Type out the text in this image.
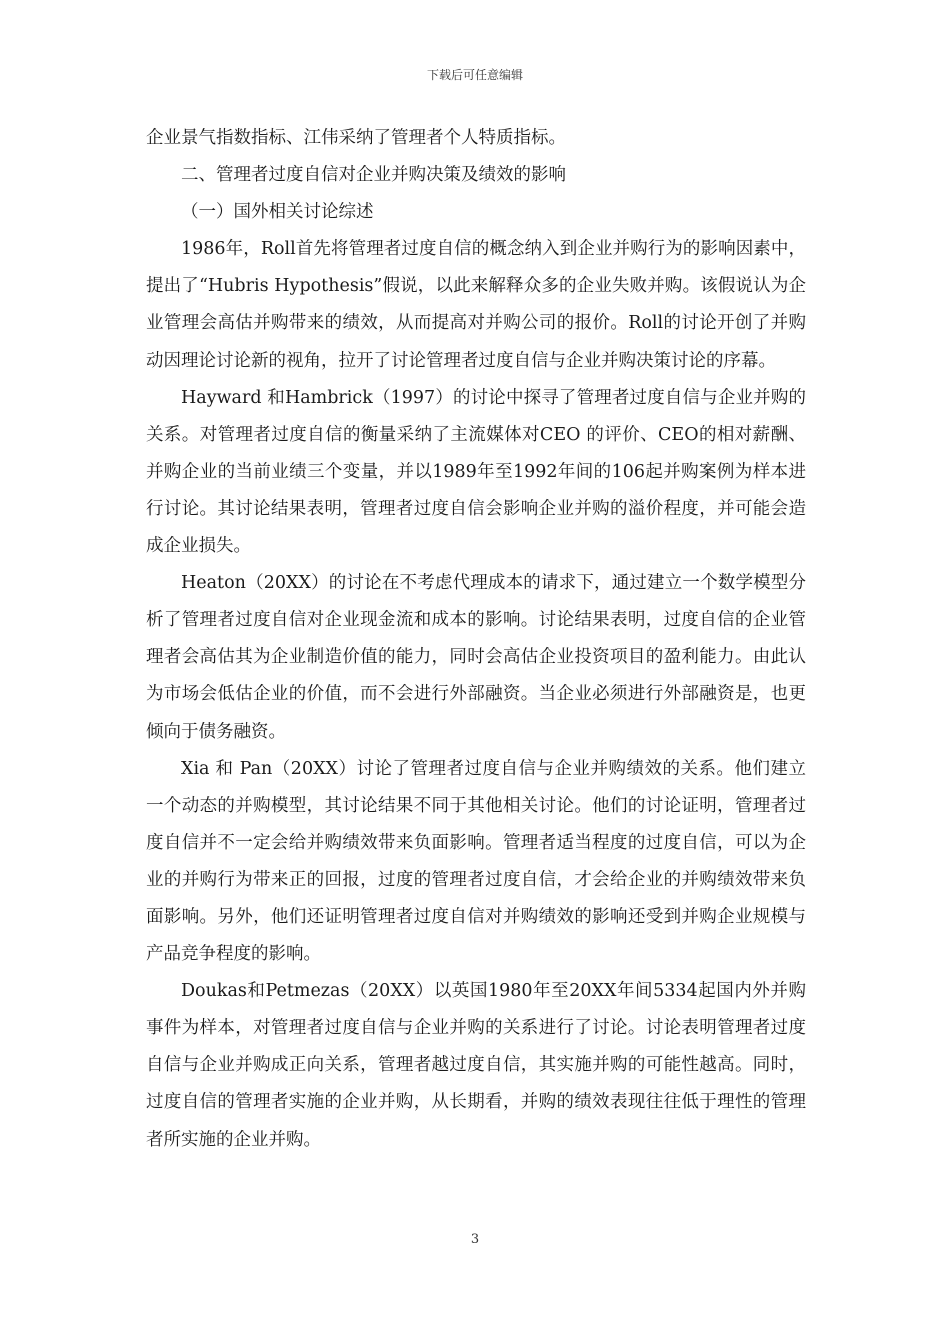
下载后可任意编辑

企业景气指数指标、江伟采纳了管理者个人特质指标。

二、管理者过度自信对企业并购决策及绩效的影响

（一）国外相关讨论综述

1986年，Roll首先将管理者过度自信的概念纳入到企业并购行为的影响因素中，提出了“Hubris Hypothesis”假说，以此来解释众多的企业失败并购。该假说认为企业管理会高估并购带来的绩效，从而提高对并购公司的报价。Roll的讨论开创了并购动因理论讨论新的视角，拉开了讨论管理者过度自信与企业并购决策讨论的序幕。

Hayward 和Hambrick（1997）的讨论中探寻了管理者过度自信与企业并购的关系。对管理者过度自信的衡量采纳了主流媒体对CEO 的评价、CEO的相对薪酬、并购企业的当前业绩三个变量，并以1989年至1992年间的106起并购案例为样本进行讨论。其讨论结果表明，管理者过度自信会影响企业并购的溢价程度，并可能会造成企业损失。

Heaton（20XX）的讨论在不考虑代理成本的请求下，通过建立一个数学模型分析了管理者过度自信对企业现金流和成本的影响。讨论结果表明，过度自信的企业管理者会高估其为企业制造价值的能力，同时会高估企业投资项目的盈利能力。由此认为市场会低估企业的价值，而不会进行外部融资。当企业必须进行外部融资是，也更倾向于债务融资。

Xia 和 Pan（20XX）讨论了管理者过度自信与企业并购绩效的关系。他们建立一个动态的并购模型，其讨论结果不同于其他相关讨论。他们的讨论证明，管理者过度自信并不一定会给并购绩效带来负面影响。管理者适当程度的过度自信，可以为企业的并购行为带来正的回报，过度的管理者过度自信，才会给企业的并购绩效带来负面影响。另外，他们还证明管理者过度自信对并购绩效的影响还受到并购企业规模与产品竞争程度的影响。

Doukas和Petmezas（20XX）以英国1980年至20XX年间5334起国内外并购事件为样本，对管理者过度自信与企业并购的关系进行了讨论。讨论表明管理者过度自信与企业并购成正向关系，管理者越过度自信，其实施并购的可能性越高。同时，过度自信的管理者实施的企业并购，从长期看，并购的绩效表现往往低于理性的管理者所实施的企业并购。

3
